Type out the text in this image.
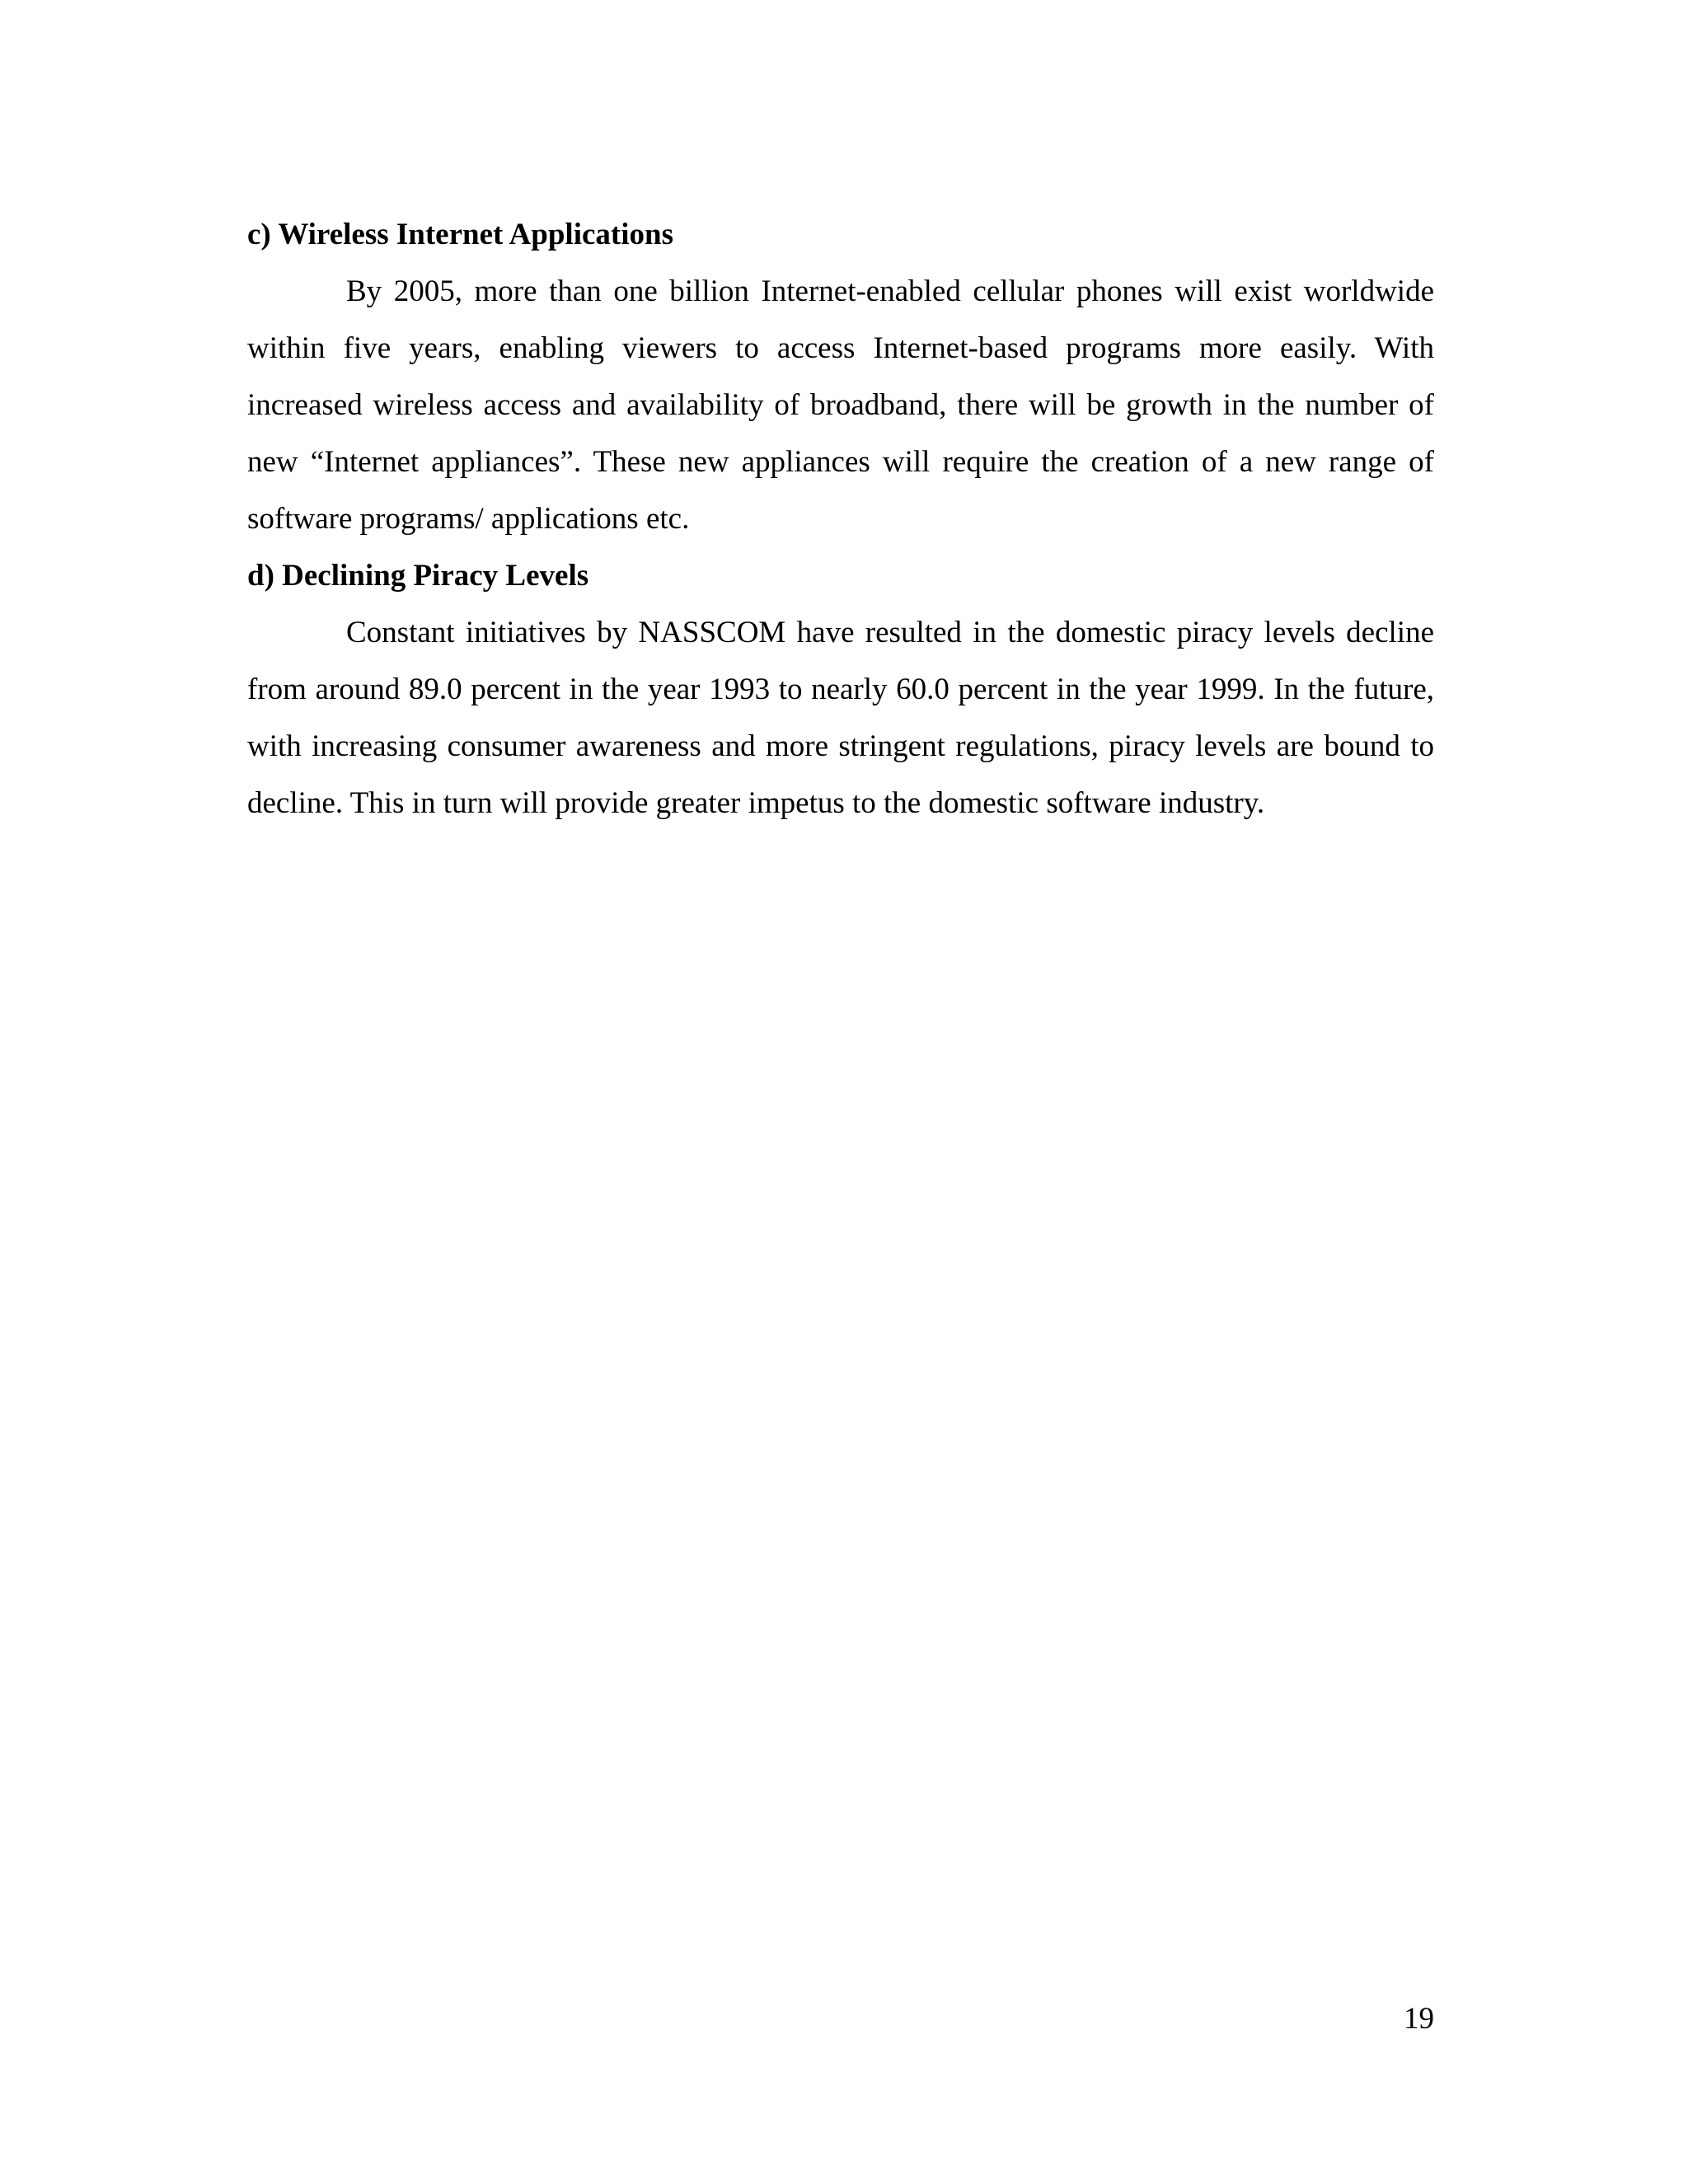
c) Wireless Internet Applications

By 2005, more than one billion Internet-enabled cellular phones will exist worldwide within five years, enabling viewers to access Internet-based programs more easily. With increased wireless access and availability of broadband, there will be growth in the number of new “Internet appliances”. These new appliances will require the creation of a new range of software programs/ applications etc.

d) Declining Piracy Levels

Constant initiatives by NASSCOM have resulted in the domestic piracy levels decline from around 89.0 percent in the year 1993 to nearly 60.0 percent in the year 1999. In the future, with increasing consumer awareness and more stringent regulations, piracy levels are bound to decline. This in turn will provide greater impetus to the domestic software industry.

19
